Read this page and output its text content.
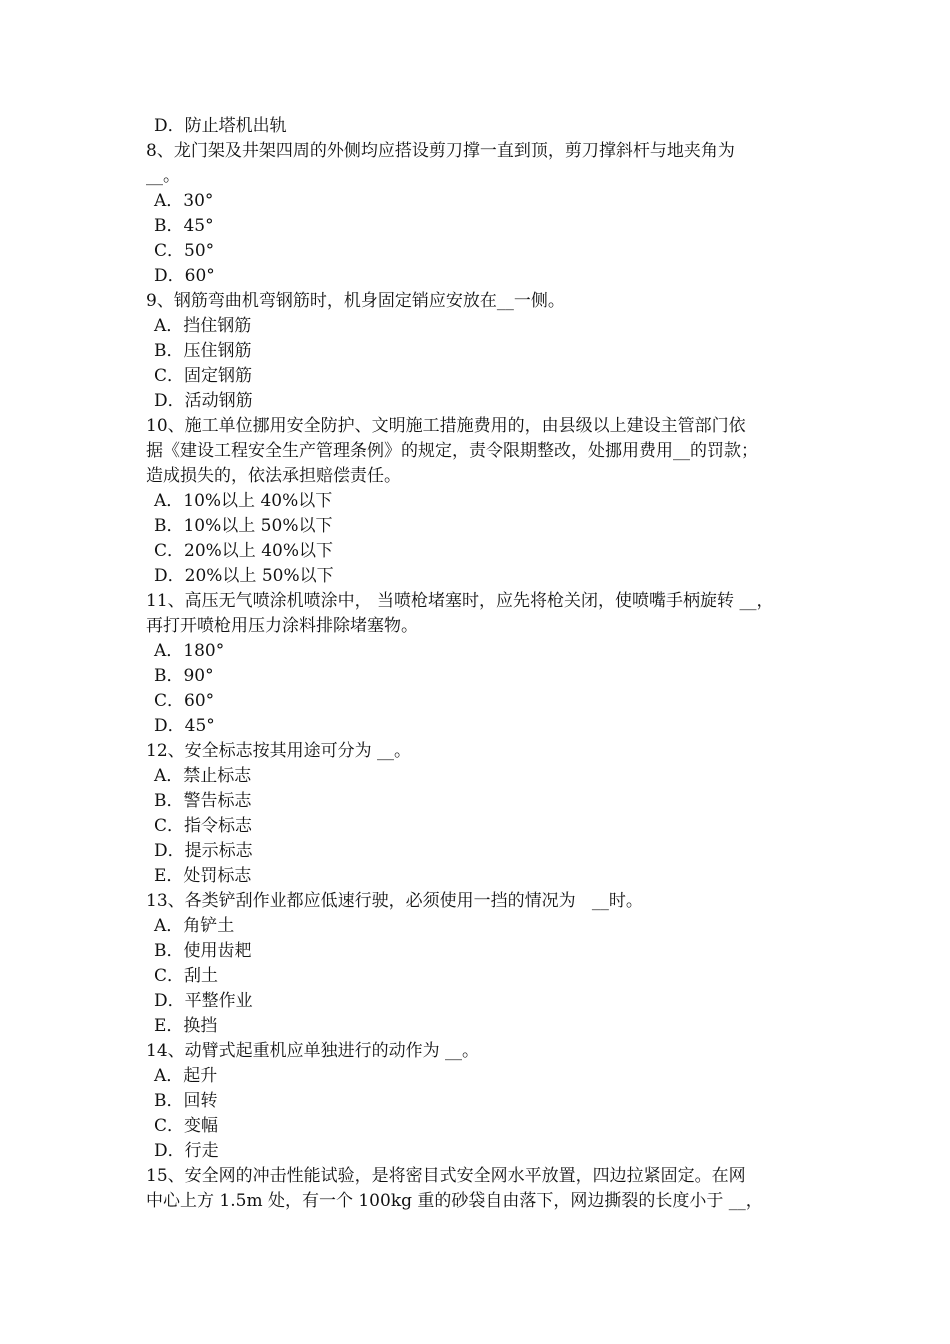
D．防止塔机出轨
8、龙门架及井架四周的外侧均应搭设剪刀撑一直到顶，剪刀撑斜杆与地夹角为
__。
A．30°
B．45°
C．50°
D．60°
9、钢筋弯曲机弯钢筋时，机身固定销应安放在__一侧。
A．挡住钢筋
B．压住钢筋
C．固定钢筋
D．活动钢筋
10、施工单位挪用安全防护、文明施工措施费用的，由县级以上建设主管部门依
据《建设工程安全生产管理条例》的规定，责令限期整改，处挪用费用__的罚款；
造成损失的，依法承担赔偿责任。
A．10%以上 40%以下
B．10%以上 50%以下
C．20%以上 40%以下
D．20%以上 50%以下
11、高压无气喷涂机喷涂中， 当喷枪堵塞时，应先将枪关闭，使喷嘴手柄旋转 __，
再打开喷枪用压力涂料排除堵塞物。
A．180°
B．90°
C．60°
D．45°
12、安全标志按其用途可分为 __。
A．禁止标志
B．警告标志
C．指令标志
D．提示标志
E．处罚标志
13、各类铲刮作业都应低速行驶，必须使用一挡的情况为   __时。
A．角铲土
B．使用齿耙
C．刮土
D．平整作业
E．换挡
14、动臂式起重机应单独进行的动作为 __。
A．起升
B．回转
C．变幅
D．行走
15、安全网的冲击性能试验，是将密目式安全网水平放置，四边拉紧固定。在网
中心上方 1.5m 处，有一个 100kg 重的砂袋自由落下，网边撕裂的长度小于 __，
